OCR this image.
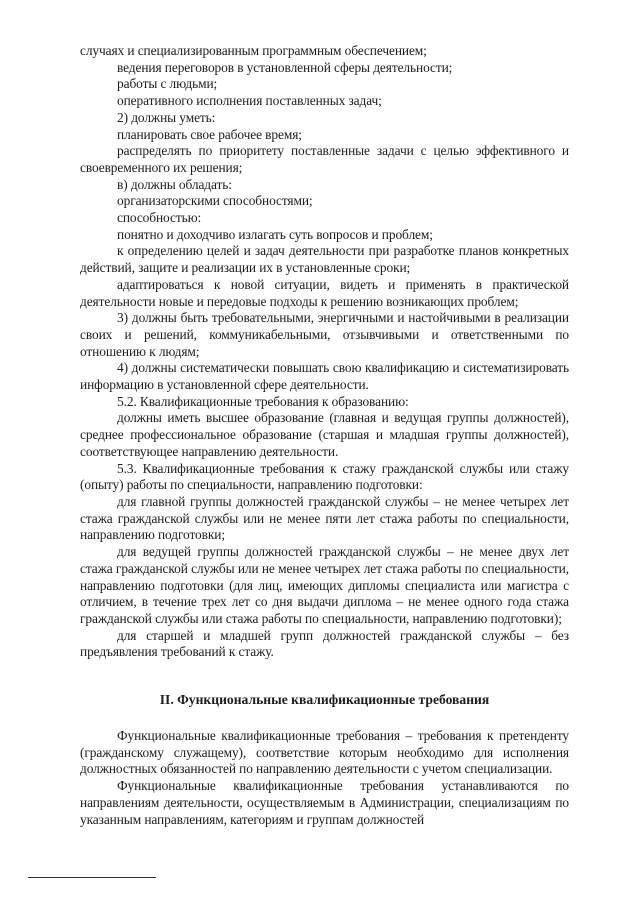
случаях и специализированным программным обеспечением;

ведения переговоров в установленной сферы деятельности;

работы с людьми;

оперативного исполнения поставленных задач;

2) должны уметь:

планировать свое рабочее время;

распределять по приоритету поставленные задачи с целью эффективного и своевременного их решения;

в) должны обладать:

организаторскими способностями;

способностью:

понятно и доходчиво излагать суть вопросов и проблем;

к определению целей и задач деятельности при разработке планов конкретных действий, защите и реализации их в установленные сроки;

адаптироваться к новой ситуации, видеть и применять в практической деятельности новые и передовые подходы к решению возникающих проблем;

3) должны быть требовательными, энергичными и настойчивыми в реализации своих и решений, коммуникабельными, отзывчивыми и ответственными по отношению к людям;

4) должны систематически повышать свою квалификацию и систематизировать информацию в установленной сфере деятельности.

5.2. Квалификационные требования к образованию:

должны иметь высшее образование (главная и ведущая группы должностей), среднее профессиональное образование (старшая и младшая группы должностей), соответствующее направлению деятельности.

5.3. Квалификационные требования к стажу гражданской службы или стажу (опыту) работы по специальности, направлению подготовки:

для главной группы должностей гражданской службы – не менее четырех лет стажа гражданской службы или не менее пяти лет стажа работы по специальности, направлению подготовки;

для ведущей группы должностей гражданской службы – не менее двух лет стажа гражданской службы или не менее четырех лет стажа работы по специальности, направлению подготовки (для лиц, имеющих дипломы специалиста или магистра с отличием, в течение трех лет со дня выдачи диплома – не менее одного года стажа гражданской службы или стажа работы по специальности, направлению подготовки);

для старшей и младшей групп должностей гражданской службы – без предъявления требований к стажу.

II. Функциональные квалификационные требования

Функциональные квалификационные требования – требования к претенденту (гражданскому служащему), соответствие которым необходимо для исполнения должностных обязанностей по направлению деятельности с учетом специализации.

Функциональные квалификационные требования устанавливаются по направлениям деятельности, осуществляемым в Администрации, специализациям по указанным направлениям, категориям и группам должностей
